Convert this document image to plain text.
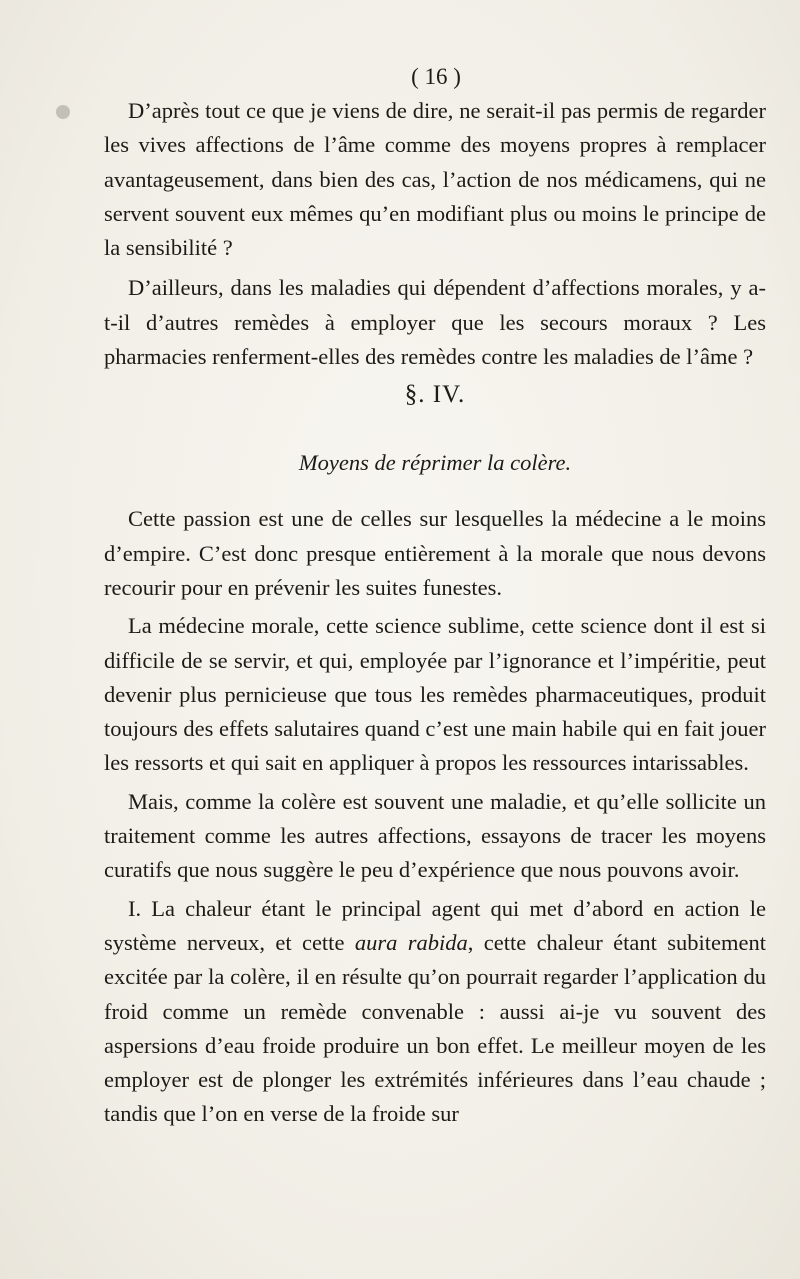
( 16 )

D’après tout ce que je viens de dire, ne serait-il pas permis de regarder les vives affections de l’âme comme des moyens propres à remplacer avantageusement, dans bien des cas, l’action de nos médicamens, qui ne servent souvent eux mêmes qu’en modifiant plus ou moins le principe de la sensibilité ?

D’ailleurs, dans les maladies qui dépendent d’affections morales, y a-t-il d’autres remèdes à employer que les secours moraux ? Les pharmacies renferment-elles des remèdes contre les maladies de l’âme ?

§. IV.
Moyens de réprimer la colère.

Cette passion est une de celles sur lesquelles la médecine a le moins d’empire. C’est donc presque entièrement à la morale que nous devons recourir pour en prévenir les suites funestes.

La médecine morale, cette science sublime, cette science dont il est si difficile de se servir, et qui, employée par l’ignorance et l’impéritie, peut devenir plus pernicieuse que tous les remèdes pharmaceutiques, produit toujours des effets salutaires quand c’est une main habile qui en fait jouer les ressorts et qui sait en appliquer à propos les ressources intarissables.

Mais, comme la colère est souvent une maladie, et qu’elle sollicite un traitement comme les autres affections, essayons de tracer les moyens curatifs que nous suggère le peu d’expérience que nous pouvons avoir.

I. La chaleur étant le principal agent qui met d’abord en action le système nerveux, et cette aura rabida, cette chaleur étant subitement excitée par la colère, il en résulte qu’on pourrait regarder l’application du froid comme un remède convenable : aussi ai-je vu souvent des aspersions d’eau froide produire un bon effet. Le meilleur moyen de les employer est de plonger les extrémités inférieures dans l’eau chaude ; tandis que l’on en verse de la froide sur
